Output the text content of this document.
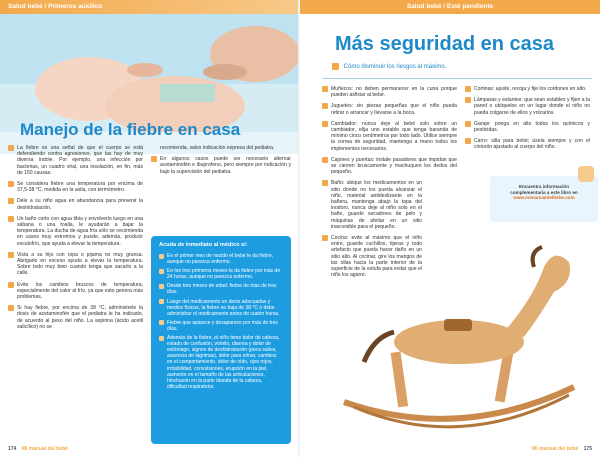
Salud bebé / Primeros auxilios
Manejo de la fiebre en casa

La fiebre es una señal de que el cuerpo se está defendiendo contra agresiones, que las hay de muy diversa índole. Por ejemplo, una infección por bacterias, un cuadro viral, una insolación, en fin, más de 150 causas.

Se considera fiebre una temperatura por encima de 37,5-38 °C, medida en la axila, con termómetro.

Dele a su niño agua en abundancia para prevenir la deshidratación.

Un baño corto con agua tibia y envolverlo luego en una sábana o una toalla, le ayudarán a bajar la temperatura. La ducha de agua fría sólo se recomienda en casos muy extremos y puede, además, producir escalofrío, que ayuda a elevar la temperatura.

Vista a su hijo con ropa o pijama no muy gruesa. Abrigarlo en exceso ayuda a elevar la temperatura. Sobre todo muy bien cuando tenga que sacarlo a la calle.

Evite los cambios bruscos de temperatura, especialmente del calor al frío, ya que esto genera más problemas.

Si hay fiebre, por encima de 38 °C, administrele la dosis de acetaminofén que el pediatra le ha indicado, de acuerdo al peso del niño. La aspirina (ácido acetil salicílico) no se

recomienda, salvo indicación expresa del pediatra.

En algunos casos puede ser necesario alternar acetaminofén e ibuprofeno, pero siempre por indicación y bajo la supervisión del pediatra.

Acuda de inmediato al médico si:

En el primer mes de nacido el bebé le da fiebre, aunque no parezca enfermo.

En los tres primeros meses le da fiebre por más de 24 horas, aunque no parezca enfermo.

Desde tres meses de edad: fiebre de más de tres días.

Luego del medicamento en dosis adecuadas y medios físicos, la fiebre no baja de 38 °C o debe administrar el medicamento antes de cuatro horas.

Fiebre que aparece y desaparece por más de tres días.

Además de la fiebre, el niño tiene dolor de cabeza, estado de confusión, vómito, diarrea y dolor de estómago, signos de deshidratación (poca saliva, ausencia de lágrimas), dolor para orinar, cambios en el comportamiento, dolor de oído, ojos rojos, irritabilidad, convulsiones, erupción en la piel, aumento en el tamaño de las articulaciones, hinchazón en la parte blanda de la cabeza, dificultad respiratoria.

174 Mi manual del bebé
Salud bebé / Esté pendiente
Más seguridad en casa
Cómo disminuir los riesgos al máximo.

Muñecos: no deben permanecer en la cuna porque pueden asfixiar al bebé.

Juguetes: sin piezas pequeñas que el niño pueda retirar o arrancar y llevarse a la boca.

Cambiador: nunca deje al bebé solo sobre un cambiador, elija uno estable que tenga baranda de mínimo cinco centímetros por todo lado. Utilice siempre la correa de seguridad, mantenga a mano todos los implementos necesarios.

Cajones y puertas: instale pasadores que impidan que se cierren bruscamente y machuquen los dedos del pequeño.

Baño: ubique los medicamentos en un sitio donde no los pueda alcanzar el niño, material antideslizante en la bañera, mantenga abajo la tapa del inodoro, nunca deje al niño solo en el baño, guarde secadores de pelo y máquinas de afeitar en un sitio inaccesible para el pequeño.

Cocina: evite al máximo que el niño entre, guarde cuchillos, tijeras y todo artefacto que pueda hacer daño en un sitio alto. Al cocinar, gire los mangos de las ollas hacia la parte interior de la superficie de la estufa para evitar que el niño los agarre.

Cortinas: ajuste, recoja y fije los cordones en alto.

Lámparas y estantes: que sean estables y fijen a la pared o ubíquelos en un lugar donde el niño no pueda colgarse de ellos y volcarlos.

Garaje: ponga en alto todos los químicos y pesticidas.

Carro: silla para bebé; úsela siempre y con el cinturón ajustado al cuerpo del niño.

Encuentra información
complementaria a este libro en
www.mimanualdelbebe.com
Mi manual del bebé 175
